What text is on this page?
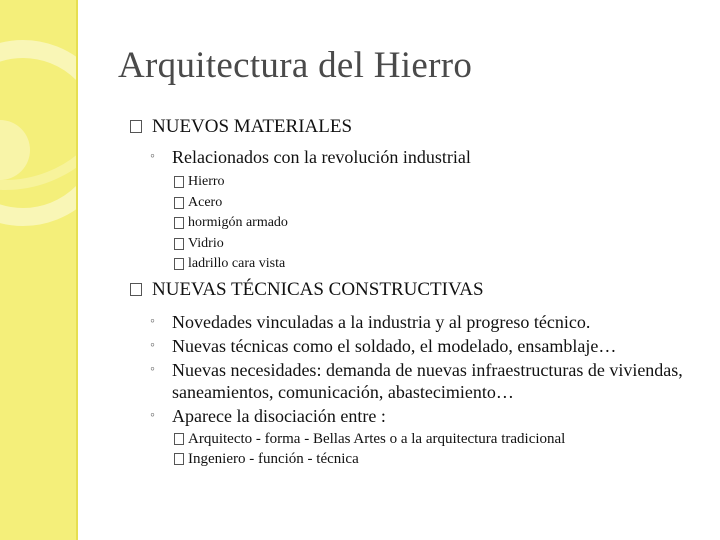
Arquitectura del Hierro
NUEVOS MATERIALES
◦ Relacionados con la revolución industrial
Hierro
Acero
hormigón armado
Vidrio
ladrillo cara vista
NUEVAS TÉCNICAS CONSTRUCTIVAS
◦ Novedades vinculadas a la industria y al progreso técnico.
◦ Nuevas técnicas como el soldado, el modelado, ensamblaje…
◦ Nuevas necesidades: demanda de nuevas infraestructuras de viviendas, saneamientos, comunicación, abastecimiento…
◦ Aparece la disociación entre :
Arquitecto - forma - Bellas Artes o a la arquitectura tradicional
Ingeniero - función - técnica
